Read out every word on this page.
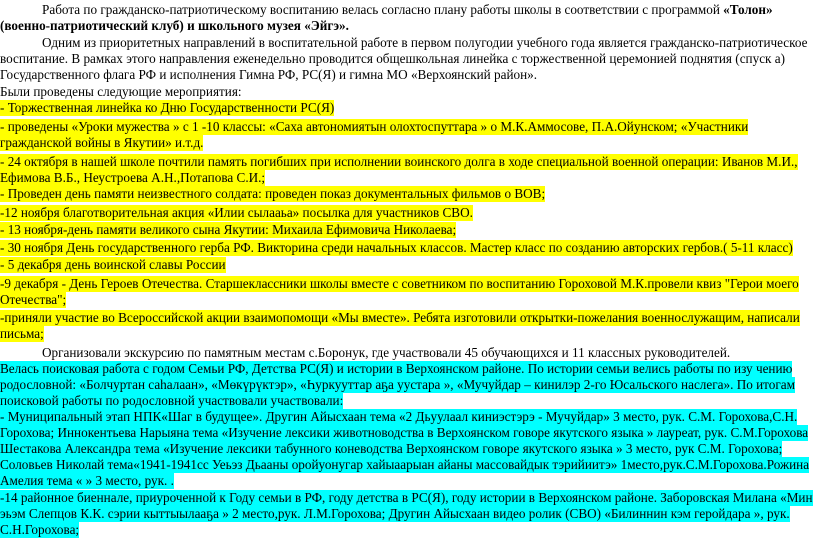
Работа по гражданско-патриотическому воспитанию велась согласно плану работы школы в соответствии с программой «Толон»
(военно-патриотический клуб) и школьного музея «Эйгэ».
Одним из приоритетных направлений в воспитательной работе в первом полугодии учебного года является гражданско-патриотическое
воспитание. В рамках этого направления еженедельно проводится общешкольная линейка с торжественной церемонией поднятия (спуск а)
Государственного флага РФ и исполнения Гимна РФ, РС(Я) и гимна МО «Верхоянский район».
Были проведены следующие мероприятия:
- Торжественная линейка ко Дню Государственности РС(Я)
- проведены «Уроки мужества » с 1 -10 классы: «Саха автономиятын олохтоспуттара » о М.К.Аммосове, П.А.Ойунском; «Участники
гражданской войны в Якутии» и.т.д.
- 24 октября в нашей школе почтили память погибших при исполнении воинского долга в ходе специальной военной операции: Иванов М.И.,
Ефимова В.Б., Неустроева А.Н.,Потапова С.И.;
- Проведен день памяти неизвестного солдата: проведен показ документальных фильмов о ВОВ;
-12 ноября благотворительная акция «Илии сылааьа» посылка для участников СВО.
- 13 ноября-день памяти великого сына Якутии: Михаила Ефимовича Николаева;
- 30 ноября День государственного герба РФ. Викторина среди начальных классов. Мастер класс по созданию авторских гербов.( 5-11 класс)
- 5 декабря день воинской славы России
-9 декабря - День Героев Отечества. Старшеклассники школы вместе с советником по воспитанию Гороховой М.К.провели квиз "Герои моего
Отечества";
-приняли участие во Всероссийской акции взаимопомощи «Мы вместе». Ребята изготовили открытки-пожелания военнослужащим, написали
письма;
Организовали экскурсию по памятным местам с.Боронук, где участвовали 45 обучающихся и 11 классных руководителей.
Велась поисковая работа с годом Семьи РФ, Детства РС(Я) и истории в Верхоянском районе. По истории семьи велись работы по изу чению
родословной: «Болчуртан саһалаан», «Мөкүрүктэр», «Һуркууттар аҕа уустара », «Мучуйдар – кинилэр 2-го Юсальского наслега». По итогам
поисковой работы по родословной участвовали участвовали:
- Муниципальный этап НПК«Шаг в будущее». Другин Айысхаан тема «2 Дьуулаал киниэстэрэ - Мучуйдар» 3 место, рук. С.М. Горохова,С.Н.
Горохова; Иннокентьева Нарыяна тема «Изучение лексики животноводства в Верхоянском говоре якутского языка » лауреат, рук. С.М.Горохова
Шестакова Александра тема «Изучение лексики табунного коневодства Верхоянском говоре якутского языка » 3 место, рук С.М. Горохова;
Соловьев Николай тема«1941-1941сс Уеьэз Дьааны оройуонугар хайыаарыан айаны массовайдык тэрийиитэ» 1место,рук.С.М.Горохова.Рожина
Амелия тема « » 3 место, рук. .
-14 районное биеннале, приуроченной к Году семьи в РФ, году детства в РС(Я), году истории в Верхоянском районе. Заборовская Милана «Мин
эьэм Слепцов К.К. сэрии кыттыылааҕа » 2 место,рук. Л.М.Горохова; Другин Айысхаан видео ролик (СВО) «Билиннин кэм геройдара », рук.
С.Н.Горохова;
